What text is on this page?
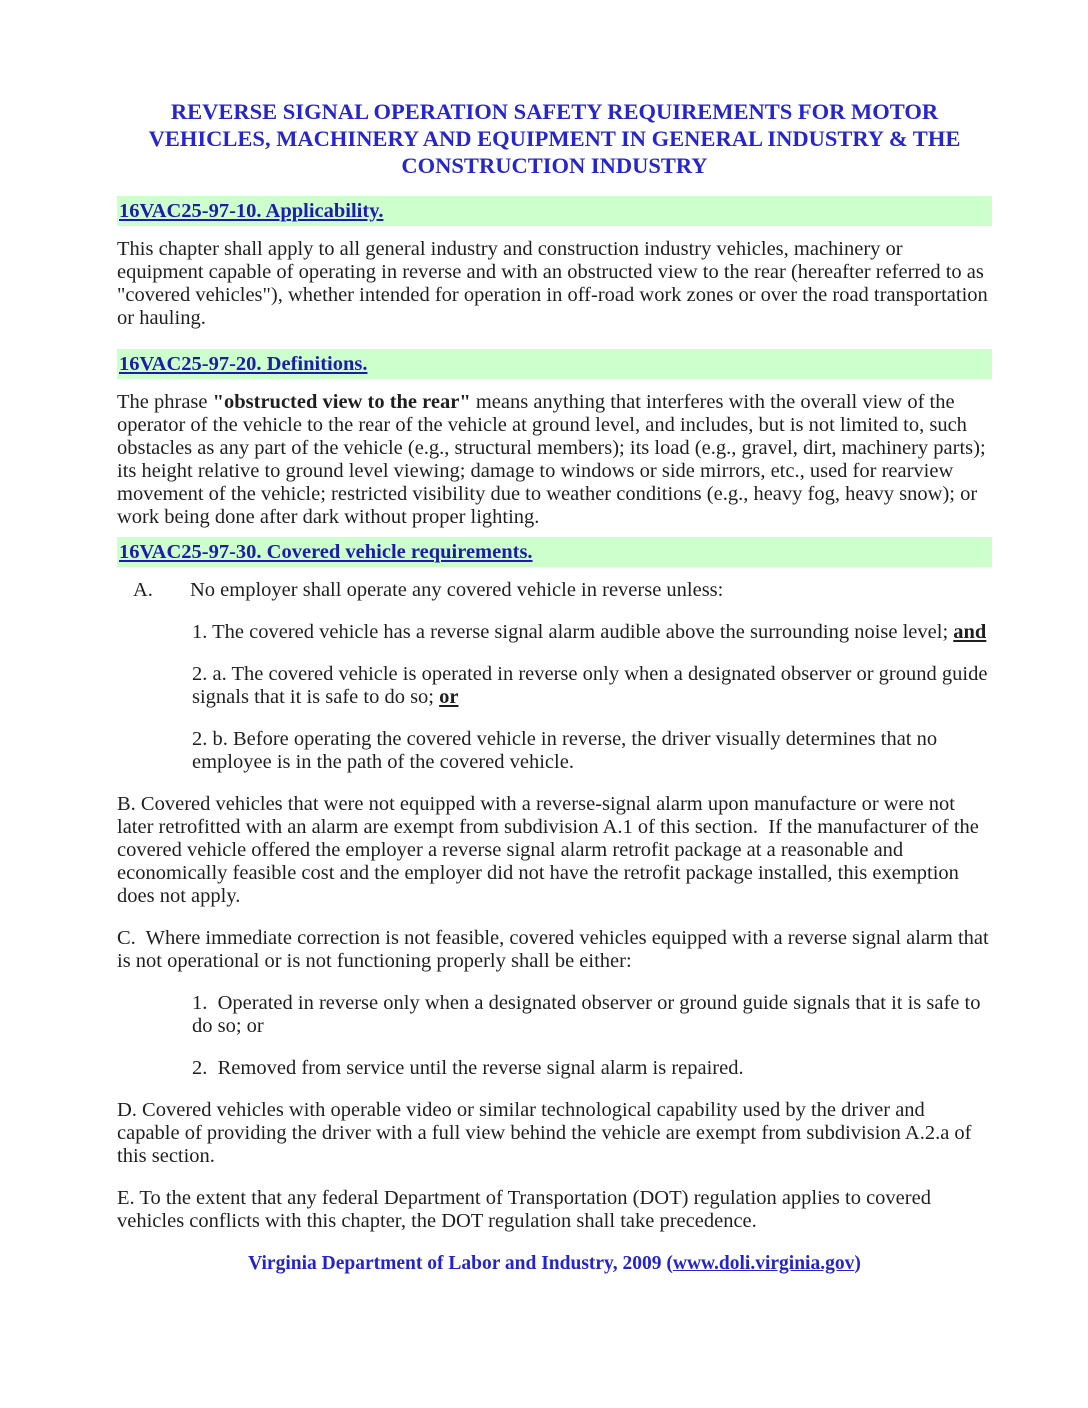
REVERSE SIGNAL OPERATION SAFETY REQUIREMENTS FOR MOTOR
VEHICLES, MACHINERY AND EQUIPMENT IN GENERAL INDUSTRY & THE
CONSTRUCTION INDUSTRY
16VAC25-97-10. Applicability.

This chapter shall apply to all general industry and construction industry vehicles, machinery or equipment capable of operating in reverse and with an obstructed view to the rear (hereafter referred to as "covered vehicles"), whether intended for operation in off-road work zones or over the road transportation or hauling.

16VAC25-97-20. Definitions.

The phrase "obstructed view to the rear" means anything that interferes with the overall view of the operator of the vehicle to the rear of the vehicle at ground level, and includes, but is not limited to, such obstacles as any part of the vehicle (e.g., structural members); its load (e.g., gravel, dirt, machinery parts); its height relative to ground level viewing; damage to windows or side mirrors, etc., used for rearview movement of the vehicle; restricted visibility due to weather conditions (e.g., heavy fog, heavy snow); or work being done after dark without proper lighting.

16VAC25-97-30. Covered vehicle requirements.
A.	No employer shall operate any covered vehicle in reverse unless:

1. The covered vehicle has a reverse signal alarm audible above the surrounding noise level; and

2. a. The covered vehicle is operated in reverse only when a designated observer or ground guide signals that it is safe to do so; or

2. b. Before operating the covered vehicle in reverse, the driver visually determines that no employee is in the path of the covered vehicle.

B. Covered vehicles that were not equipped with a reverse-signal alarm upon manufacture or were not later retrofitted with an alarm are exempt from subdivision A.1 of this section.  If the manufacturer of the covered vehicle offered the employer a reverse signal alarm retrofit package at a reasonable and economically feasible cost and the employer did not have the retrofit package installed, this exemption does not apply.

C.  Where immediate correction is not feasible, covered vehicles equipped with a reverse signal alarm that is not operational or is not functioning properly shall be either:

1.  Operated in reverse only when a designated observer or ground guide signals that it is safe to do so; or

2.  Removed from service until the reverse signal alarm is repaired.

D. Covered vehicles with operable video or similar technological capability used by the driver and capable of providing the driver with a full view behind the vehicle are exempt from subdivision A.2.a of  this section.

E. To the extent that any federal Department of Transportation (DOT) regulation applies to covered vehicles conflicts with this chapter, the DOT regulation shall take precedence.

Virginia Department of Labor and Industry, 2009 (www.doli.virginia.gov)
